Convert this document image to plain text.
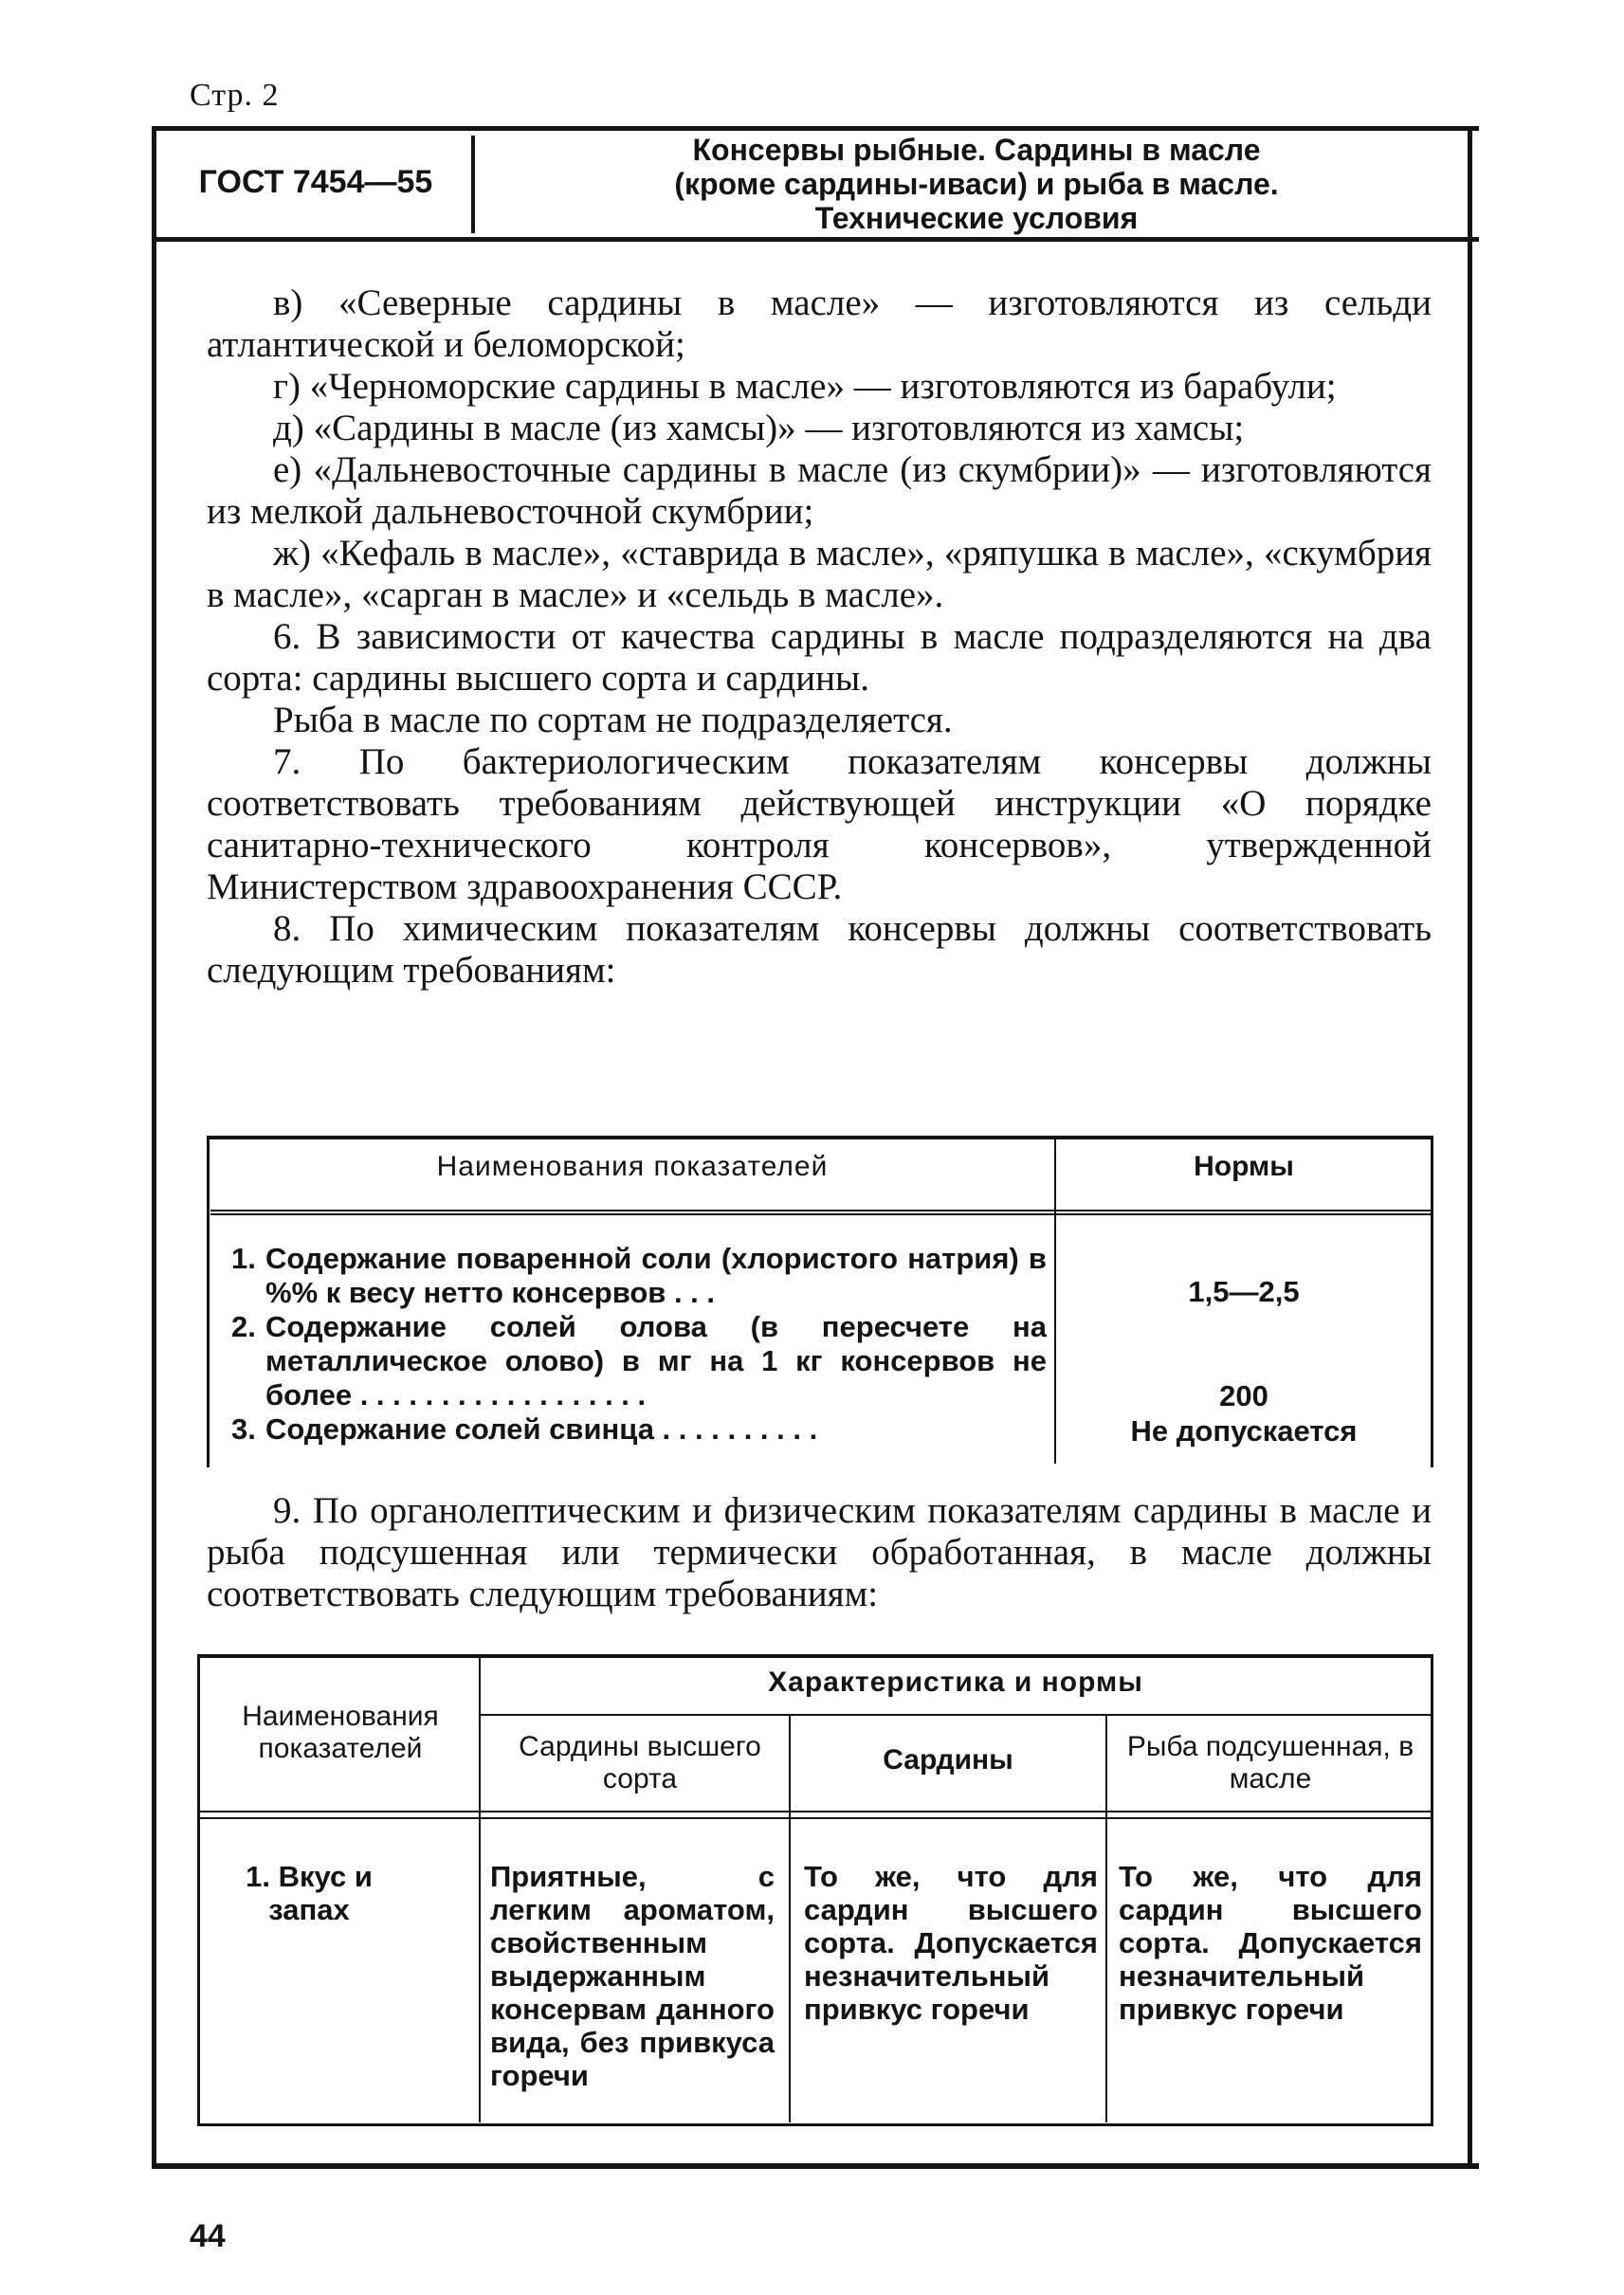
Стр. 2
ГОСТ 7454—55
Консервы рыбные. Сардины в масле
(кроме сардины-иваси) и рыба в масле.
Технические условия

в) «Северные сардины в масле» — изготовляются из сельди атлантической и беломорской;

г) «Черноморские сардины в масле» — изготовляются из барабули;

д) «Сардины в масле (из хамсы)» — изготовляются из хамсы;

е) «Дальневосточные сардины в масле (из скумбрии)» — изготовляются из мелкой дальневосточной скумбрии;

ж) «Кефаль в масле», «ставрида в масле», «ряпушка в масле», «скумбрия в масле», «сарган в масле» и «сельдь в масле».

6. В зависимости от качества сардины в масле подразделяются на два сорта: сардины высшего сорта и сардины.

Рыба в масле по сортам не подразделяется.

7. По бактериологическим показателям консервы должны соответствовать требованиям действующей инструкции «О порядке санитарно-технического контроля консервов», утвержденной Министерством здравоохранения СССР.

8. По химическим показателям консервы должны соответствовать следующим требованиям:

Наименования показателей	Нормы
1. Содержание поваренной соли (хлористого натрия) в %% к весу нетто консервов . . .
2. Содержание солей олова (в пересчете на металлическое олово) в мг на 1 кг консервов не более . . . . . . . . . . . . . . . . . .
3. Содержание солей свинца . . . . . . . . . .
1,5—2,5
200
Не допускается

9. По органолептическим и физическим показателям сардины в масле и рыба подсушенная или термически обработанная, в масле должны соответствовать следующим требованиям:

Наименования показателей
Характеристика и нормы
Сардины высшего сорта
Сардины	Рыба подсушенная, в масле
1. Вкус и запах
Приятные, с легким ароматом, свойственным выдержанным консервам данного вида, без привкуса горечи
То же, что для сардин высшего сорта. Допускается незначительный привкус горечи
То же, что для сардин высшего сорта. Допускается незначительный привкус горечи
44
